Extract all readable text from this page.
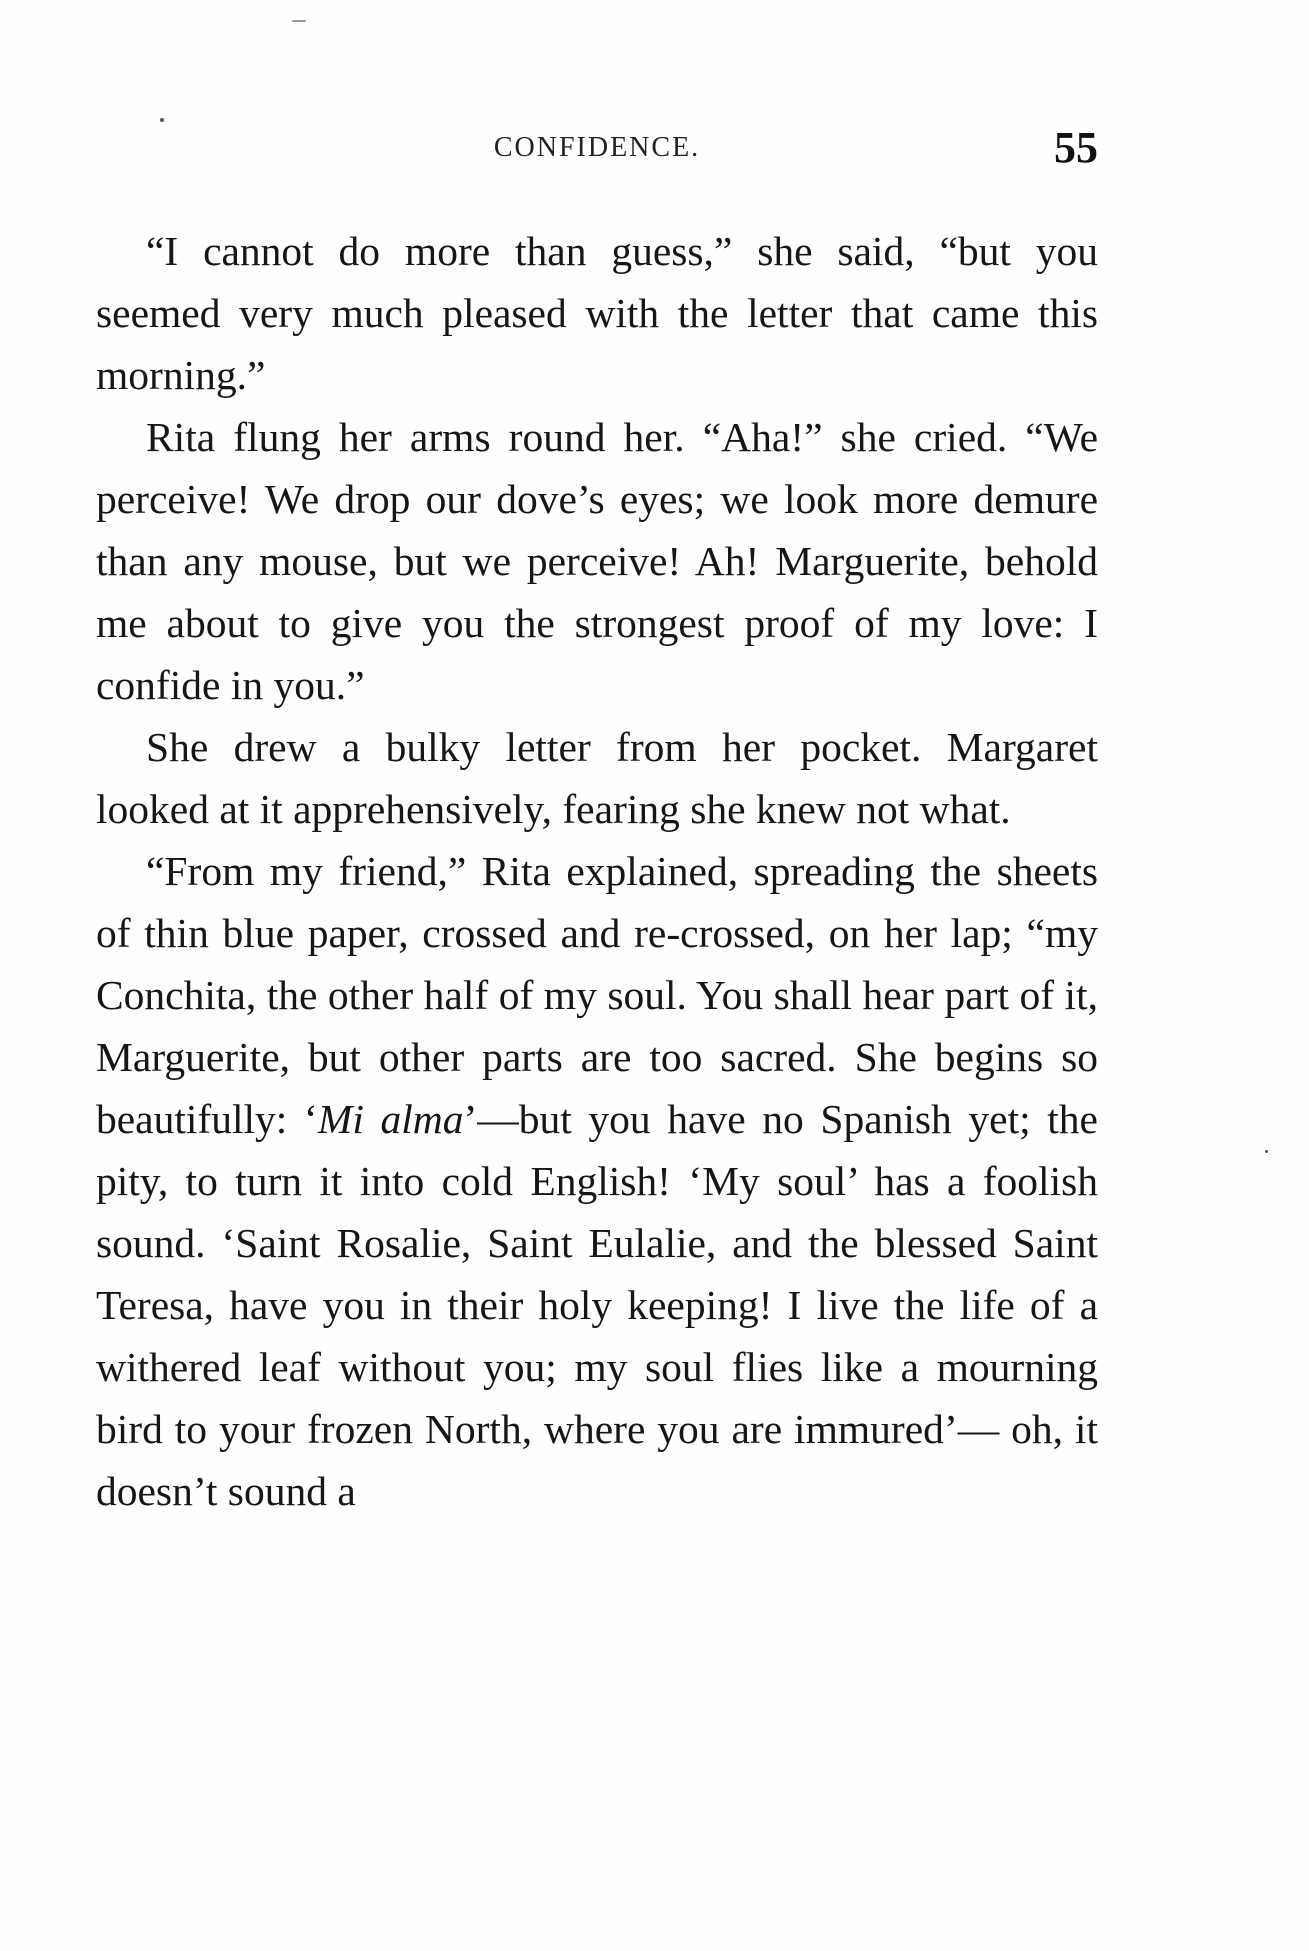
CONFIDENCE.	55

“I cannot do more than guess,” she said, “but you seemed very much pleased with the letter that came this morning.”

Rita flung her arms round her. “Aha!” she cried. “We perceive! We drop our dove’s eyes; we look more demure than any mouse, but we perceive! Ah! Marguerite, behold me about to give you the strongest proof of my love: I confide in you.”

She drew a bulky letter from her pocket. Margaret looked at it apprehensively, fearing she knew not what.

“From my friend,” Rita explained, spreading the sheets of thin blue paper, crossed and re-crossed, on her lap; “my Conchita, the other half of my soul. You shall hear part of it, Marguerite, but other parts are too sacred. She begins so beautifully: ‘Mi alma’—but you have no Spanish yet; the pity, to turn it into cold English! ‘My soul’ has a foolish sound. ‘Saint Rosalie, Saint Eulalie, and the blessed Saint Teresa, have you in their holy keeping! I live the life of a withered leaf without you; my soul flies like a mourning bird to your frozen North, where you are immured’— oh, it doesn’t sound a
